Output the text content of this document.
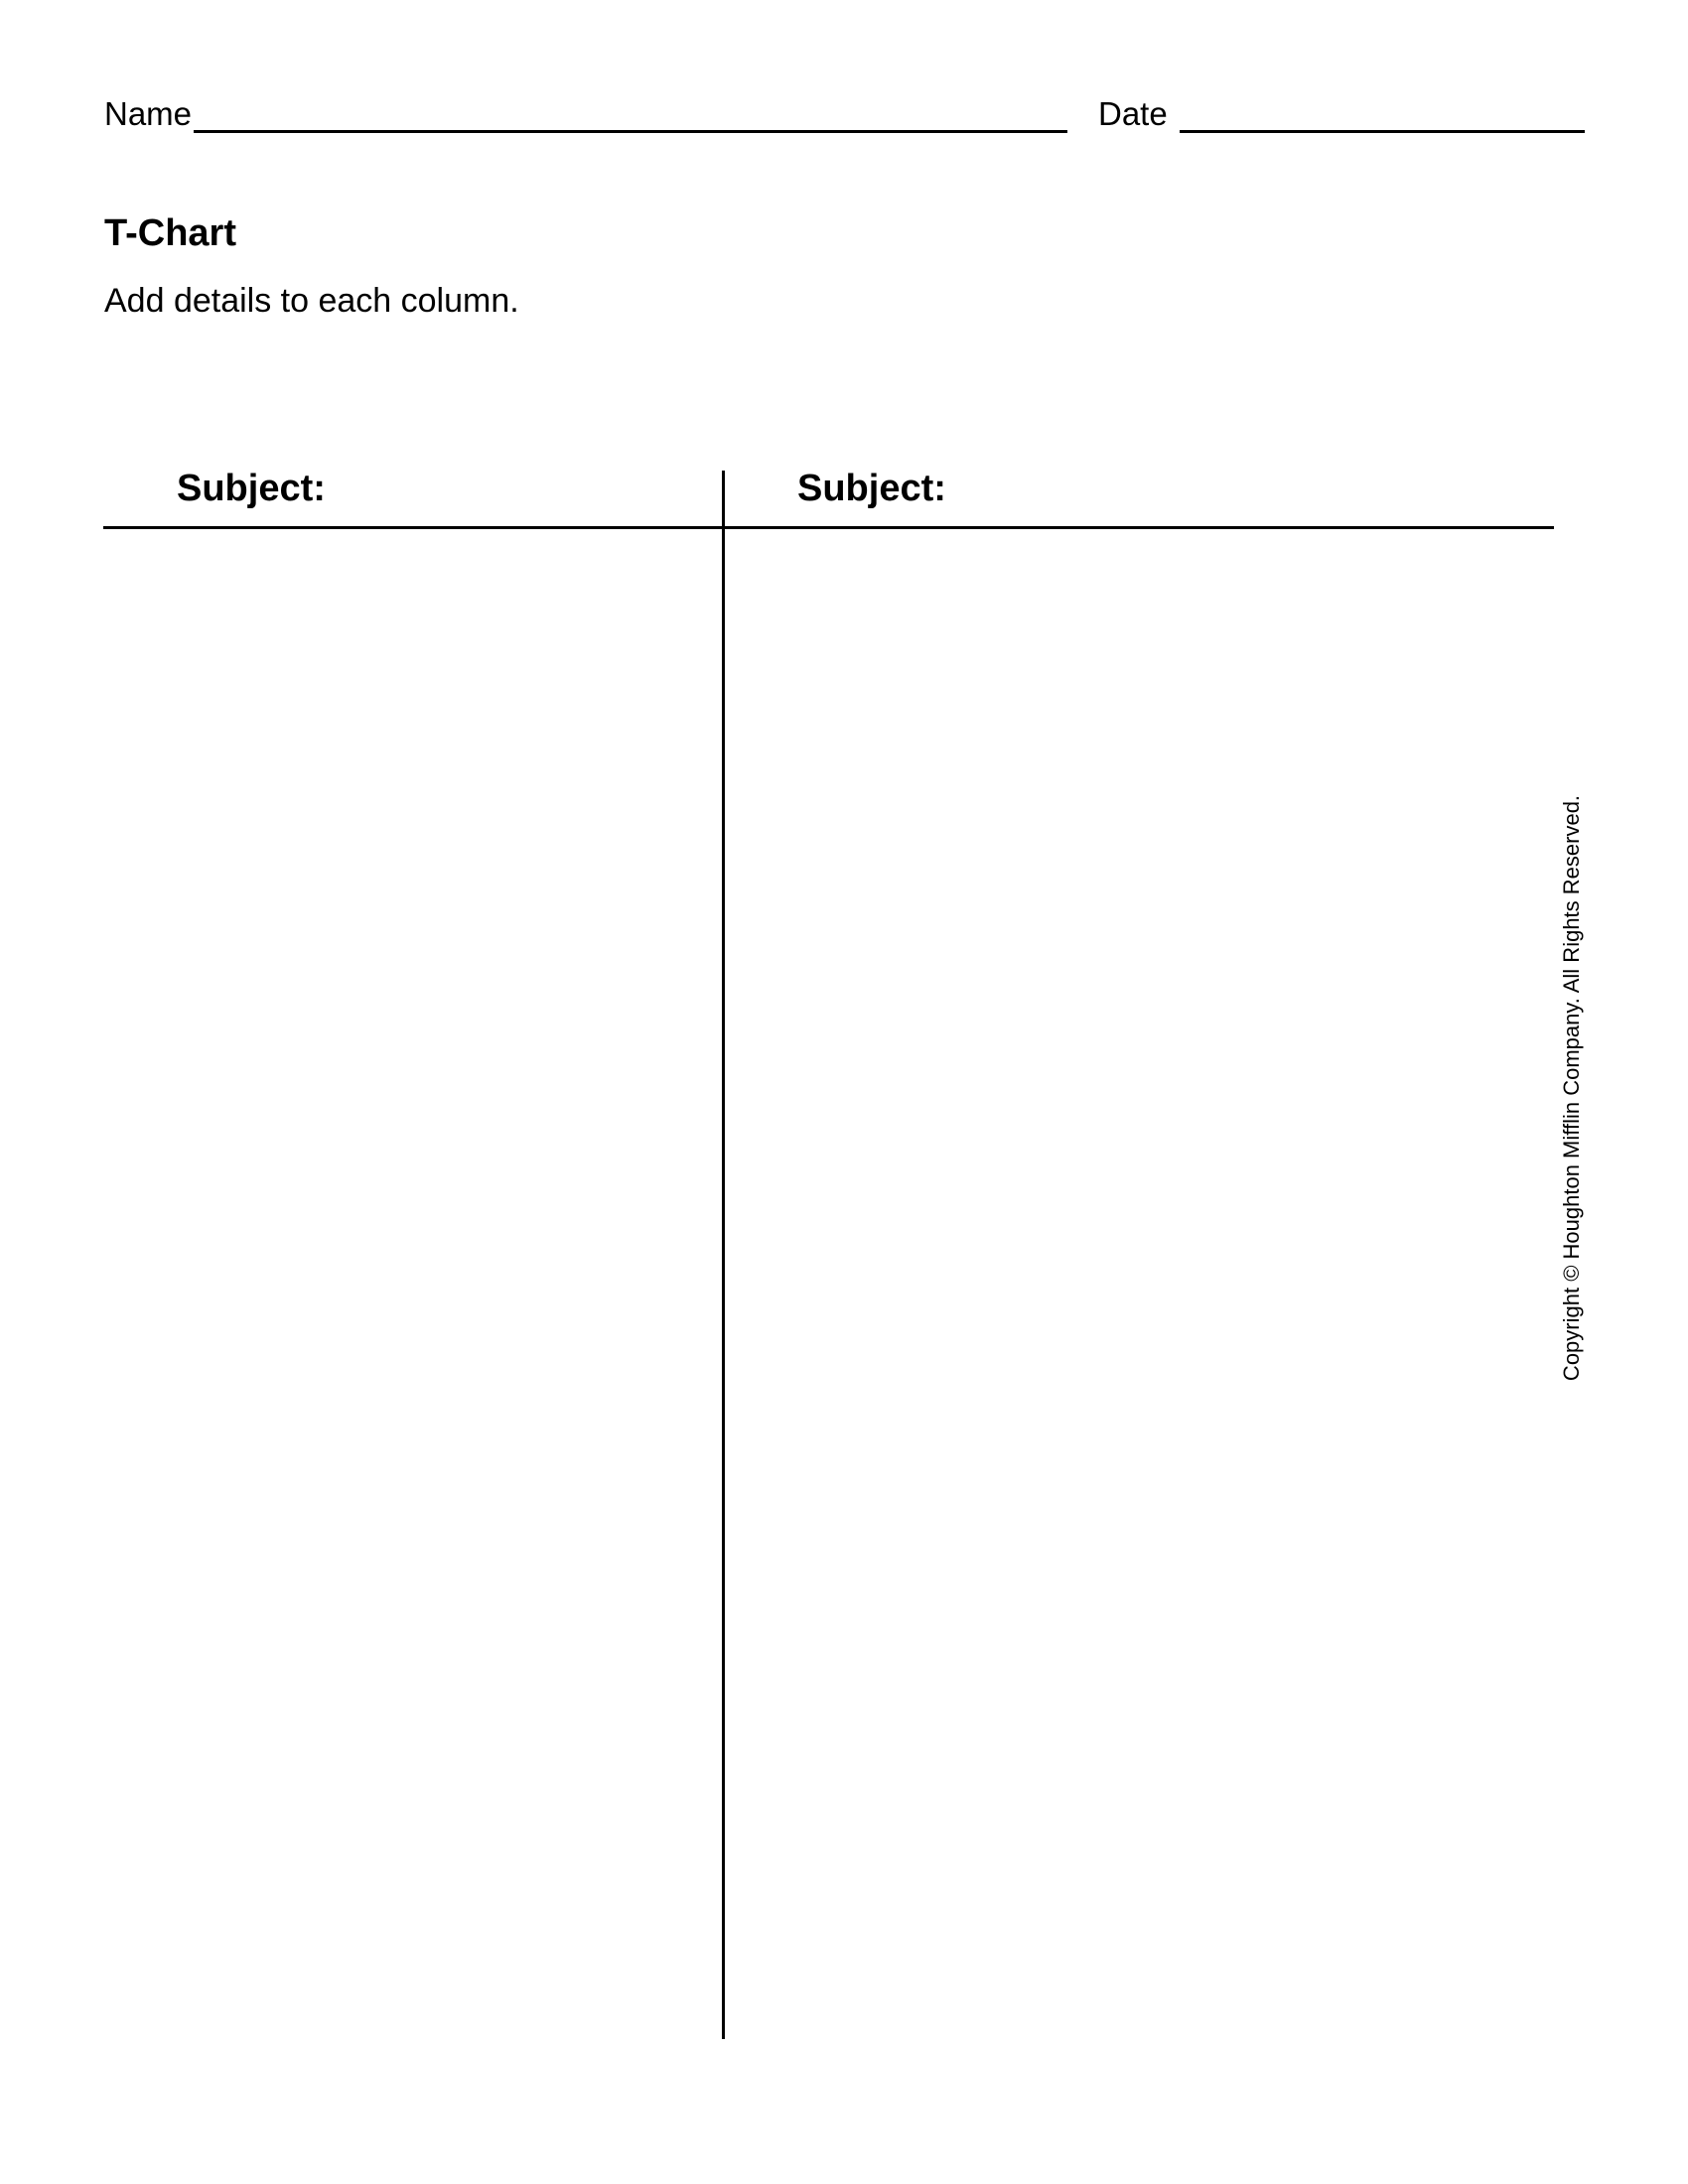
Name	Date
T-Chart
Add details to each column.
Subject:	Subject:
Copyright © Houghton Mifflin Company. All Rights Reserved.
